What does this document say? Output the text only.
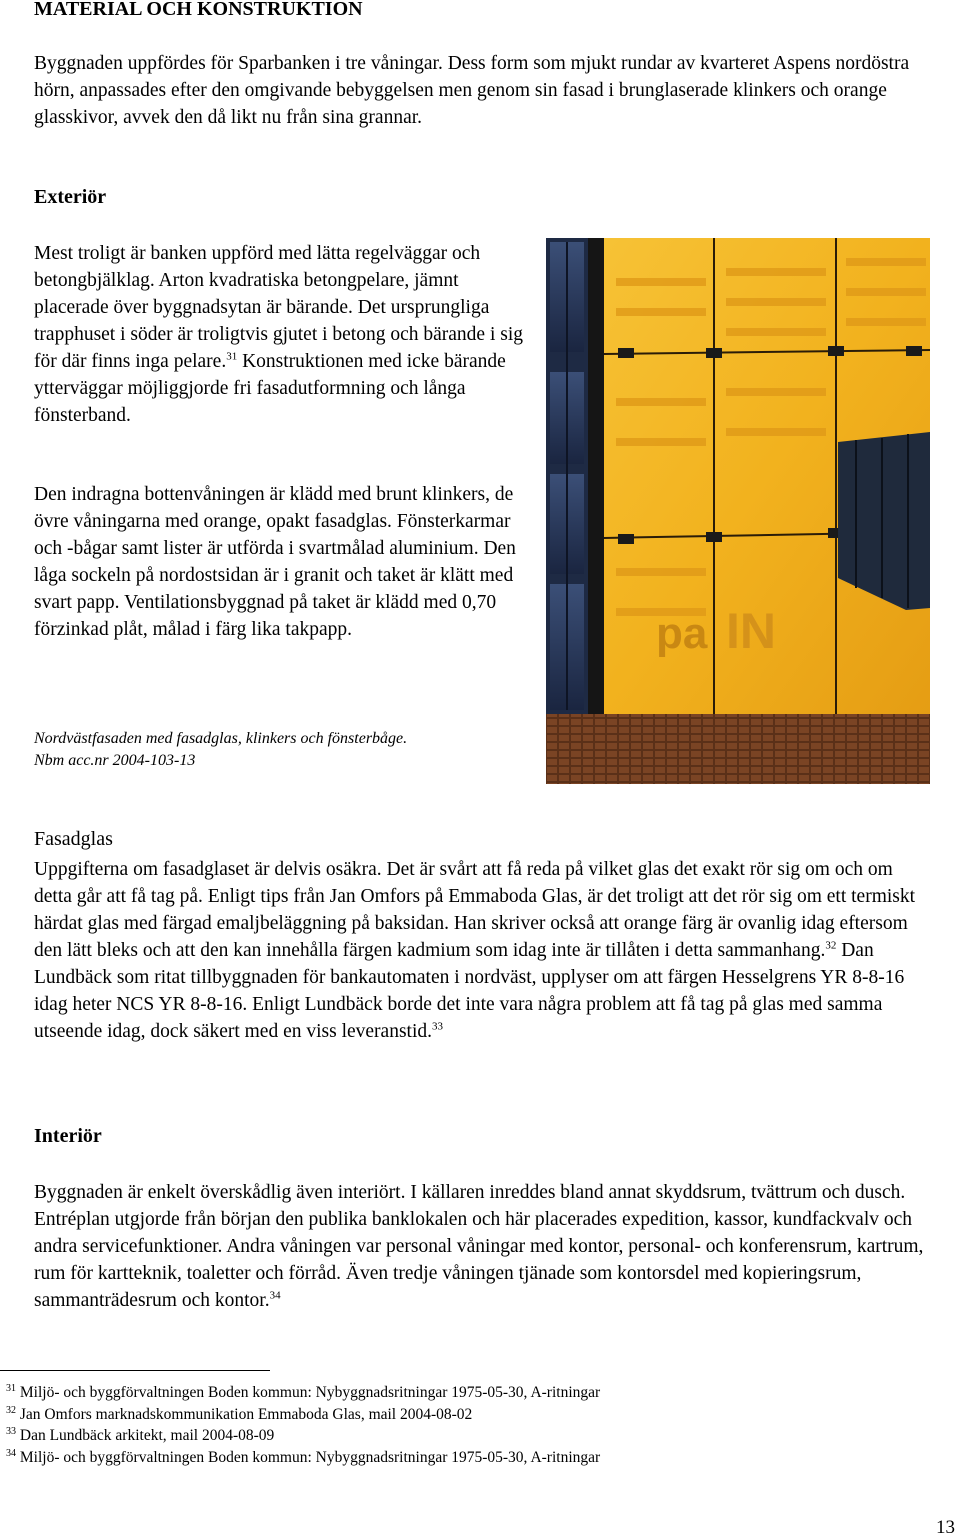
MATERIAL OCH KONSTRUKTION

Byggnaden uppfördes för Sparbanken i tre våningar. Dess form som mjukt rundar av kvarteret Aspens nordöstra hörn, anpassades efter den omgivande bebyggelsen men genom sin fasad i brunglaserade klinkers och orange glasskivor, avvek den då likt nu från sina grannar.

Exteriör

Mest troligt är banken uppförd med lätta regelväggar och betongbjälklag. Arton kvadratiska betongpelare, jämnt placerade över byggnadsytan är bärande. Det ursprungliga trapphuset i söder är troligtvis gjutet i betong och bärande i sig för där finns inga pelare.$^{31}$ Konstruktionen med icke bärande ytterväggar möjliggjorde fri fasadutformning och långa fönsterband.

Den indragna bottenvåningen är klädd med brunt klinkers, de övre våningarna med orange, opakt fasadglas. Fönsterkarmar och -bågar samt lister är utförda i svartmålad aluminium. Den låga sockeln på nordostsidan är i granit och taket är klätt med svart papp. Ventilationsbyggnad på taket är klädd med 0,70 förzinkad plåt, målad i färg lika takpapp.

Nordvästfasaden med fasadglas, klinkers och fönsterbåge.

Nbm acc.nr 2004-103-13

pa IN

Fasadglas

Uppgifterna om fasadglaset är delvis osäkra. Det är svårt att få reda på vilket glas det exakt rör sig om och om detta går att få tag på. Enligt tips från Jan Omfors på Emmaboda Glas, är det troligt att det rör sig om ett termiskt härdat glas med färgad emaljbeläggning på baksidan. Han skriver också att orange färg är ovanlig idag eftersom den lätt bleks och att den kan innehålla färgen kadmium som idag inte är tillåten i detta sammanhang.$^{32}$ Dan Lundbäck som ritat tillbyggnaden för bankautomaten i nordväst, upplyser om att färgen Hesselgrens YR 8-8-16 idag heter NCS YR 8-8-16. Enligt Lundbäck borde det inte vara några problem att få tag på glas med samma utseende idag, dock säkert med en viss leveranstid.$^{33}$

Interiör

Byggnaden är enkelt överskådlig även interiört. I källaren inreddes bland annat skyddsrum, tvättrum och dusch. Entréplan utgjorde från början den publika banklokalen och här placerades expedition, kassor, kundfackvalv och andra servicefunktioner. Andra våningen var personal våningar med kontor, personal- och konferensrum, kartrum, rum för kartteknik, toaletter och förråd. Även tredje våningen tjänade som kontorsdel med kopieringsrum, sammanträdesrum och kontor.$^{34}$

$^{31}$ Miljö- och byggförvaltningen Boden kommun: Nybyggnadsritningar 1975-05-30, A-ritningar

$^{32}$ Jan Omfors marknadskommunikation Emmaboda Glas, mail 2004-08-02

$^{33}$ Dan Lundbäck arkitekt, mail 2004-08-09

$^{34}$ Miljö- och byggförvaltningen Boden kommun: Nybyggnadsritningar 1975-05-30, A-ritningar

13
